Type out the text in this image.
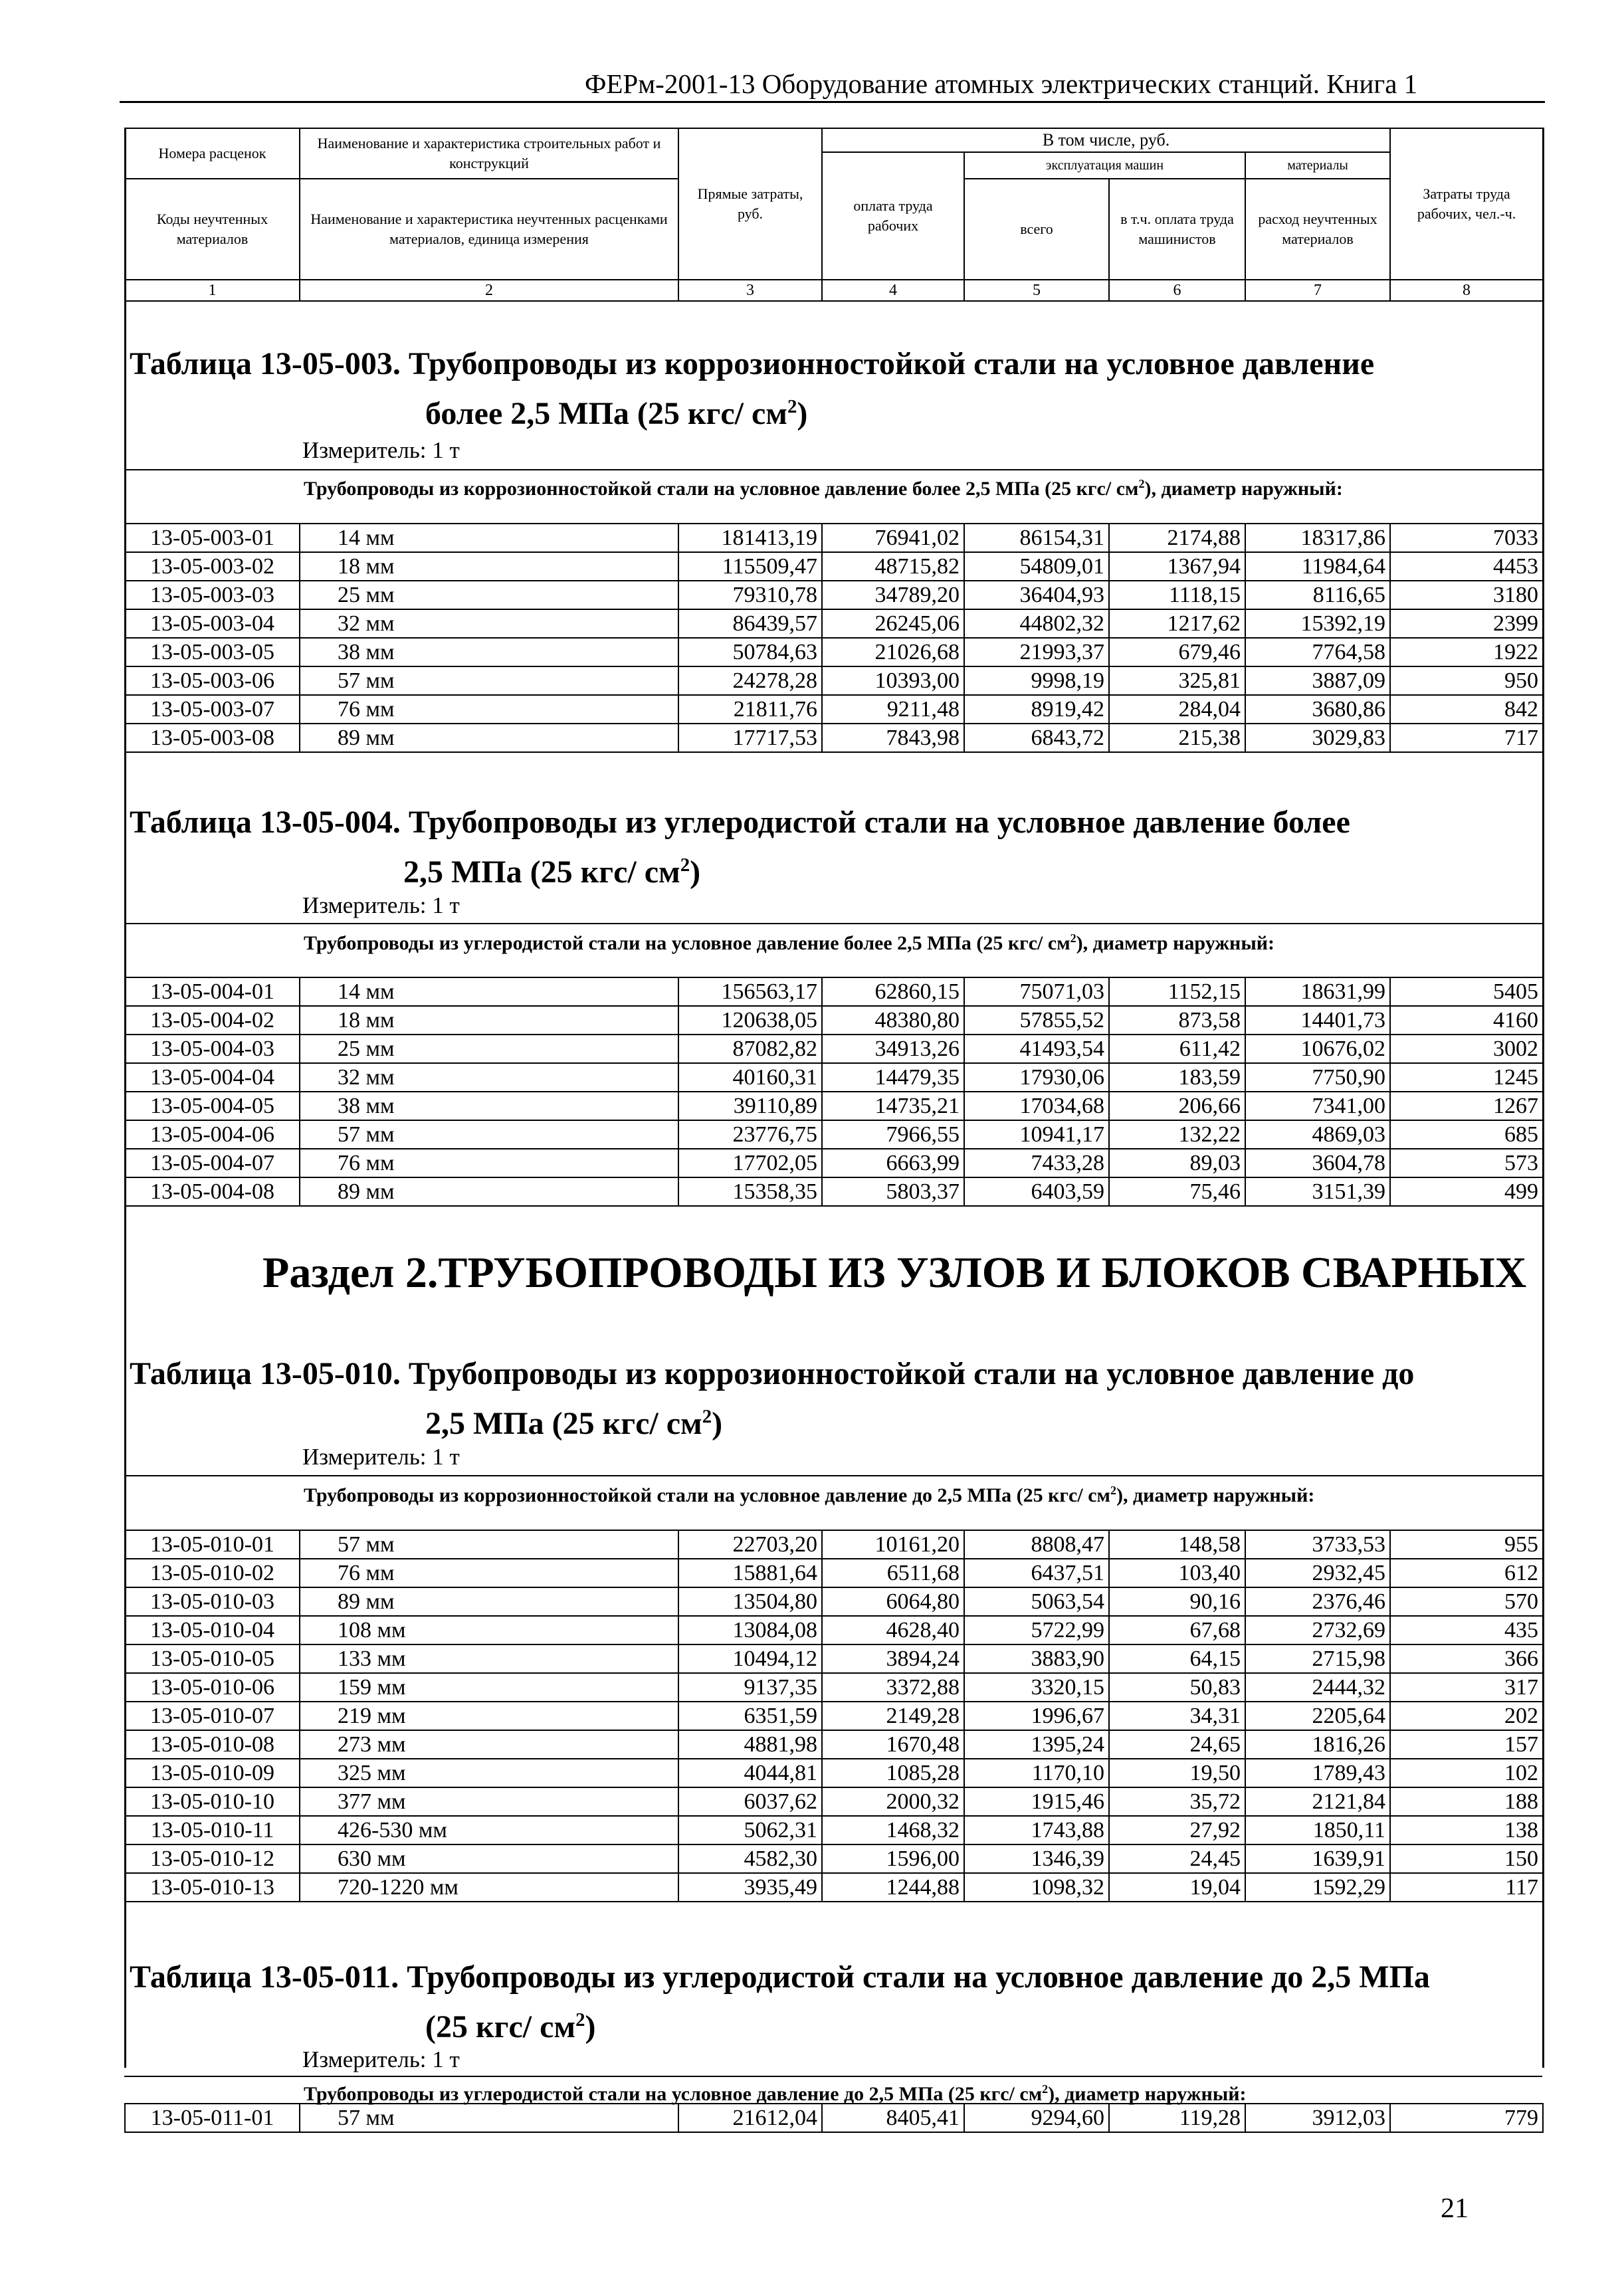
ФЕРм-2001-13 Оборудование атомных электрических станций. Книга 1
Номера расценок	Наименование и характеристика строительных работ и конструкций	Прямые затраты, руб.	В том числе, руб.				Затраты труда рабочих, чел.-ч.
			оплата труда рабочих	эксплуатация машин		материалы	
Коды неучтенных материалов	Наименование и характеристика неучтенных расценками материалов, единица измерения			всего	в т.ч. оплата труда машинистов	расход неучтенных материалов	

1	2	3	4	5	6	7	8
Таблица 13-05-003. Трубопроводы из коррозионностойкой стали на условное давление
более 2,5 МПа (25 кгс/ $см^2$)
Измеритель: 1 т
Трубопроводы из коррозионностойкой стали на условное давление более 2,5 МПа (25 кгс/ $см^2$), диаметр наружный:
13-05-003-01	14 мм	181413,19	76941,02	86154,31	2174,88	18317,86	7033
13-05-003-02	18 мм	115509,47	48715,82	54809,01	1367,94	11984,64	4453
13-05-003-03	25 мм	79310,78	34789,20	36404,93	1118,15	8116,65	3180
13-05-003-04	32 мм	86439,57	26245,06	44802,32	1217,62	15392,19	2399
13-05-003-05	38 мм	50784,63	21026,68	21993,37	679,46	7764,58	1922
13-05-003-06	57 мм	24278,28	10393,00	9998,19	325,81	3887,09	950
13-05-003-07	76 мм	21811,76	9211,48	8919,42	284,04	3680,86	842
13-05-003-08	89 мм	17717,53	7843,98	6843,72	215,38	3029,83	717
Таблица 13-05-004. Трубопроводы из углеродистой стали на условное давление более
2,5 МПа (25 кгс/ $см^2$)
Измеритель: 1 т
Трубопроводы из углеродистой стали на условное давление более 2,5 МПа (25 кгс/ $см^2$), диаметр наружный:
13-05-004-01	14 мм	156563,17	62860,15	75071,03	1152,15	18631,99	5405
13-05-004-02	18 мм	120638,05	48380,80	57855,52	873,58	14401,73	4160
13-05-004-03	25 мм	87082,82	34913,26	41493,54	611,42	10676,02	3002
13-05-004-04	32 мм	40160,31	14479,35	17930,06	183,59	7750,90	1245
13-05-004-05	38 мм	39110,89	14735,21	17034,68	206,66	7341,00	1267
13-05-004-06	57 мм	23776,75	7966,55	10941,17	132,22	4869,03	685
13-05-004-07	76 мм	17702,05	6663,99	7433,28	89,03	3604,78	573
13-05-004-08	89 мм	15358,35	5803,37	6403,59	75,46	3151,39	499
Раздел 2.ТРУБОПРОВОДЫ ИЗ УЗЛОВ И БЛОКОВ СВАРНЫХ
Таблица 13-05-010. Трубопроводы из коррозионностойкой стали на условное давление до
2,5 МПа (25 кгс/ $см^2$)
Измеритель: 1 т
Трубопроводы из коррозионностойкой стали на условное давление до 2,5 МПа (25 кгс/ $см^2$), диаметр наружный:
13-05-010-01	57 мм	22703,20	10161,20	8808,47	148,58	3733,53	955
13-05-010-02	76 мм	15881,64	6511,68	6437,51	103,40	2932,45	612
13-05-010-03	89 мм	13504,80	6064,80	5063,54	90,16	2376,46	570
13-05-010-04	108 мм	13084,08	4628,40	5722,99	67,68	2732,69	435
13-05-010-05	133 мм	10494,12	3894,24	3883,90	64,15	2715,98	366
13-05-010-06	159 мм	9137,35	3372,88	3320,15	50,83	2444,32	317
13-05-010-07	219 мм	6351,59	2149,28	1996,67	34,31	2205,64	202
13-05-010-08	273 мм	4881,98	1670,48	1395,24	24,65	1816,26	157
13-05-010-09	325 мм	4044,81	1085,28	1170,10	19,50	1789,43	102
13-05-010-10	377 мм	6037,62	2000,32	1915,46	35,72	2121,84	188
13-05-010-11	426-530 мм	5062,31	1468,32	1743,88	27,92	1850,11	138
13-05-010-12	630 мм	4582,30	1596,00	1346,39	24,45	1639,91	150
13-05-010-13	720-1220 мм	3935,49	1244,88	1098,32	19,04	1592,29	117
Таблица 13-05-011. Трубопроводы из углеродистой стали на условное давление до 2,5 МПа
(25 кгс/ $см^2$)
Измеритель: 1 т
Трубопроводы из углеродистой стали на условное давление до 2,5 МПа (25 кгс/ $см^2$), диаметр наружный:
13-05-011-01	57 мм	21612,04	8405,41	9294,60	119,28	3912,03	779
21
